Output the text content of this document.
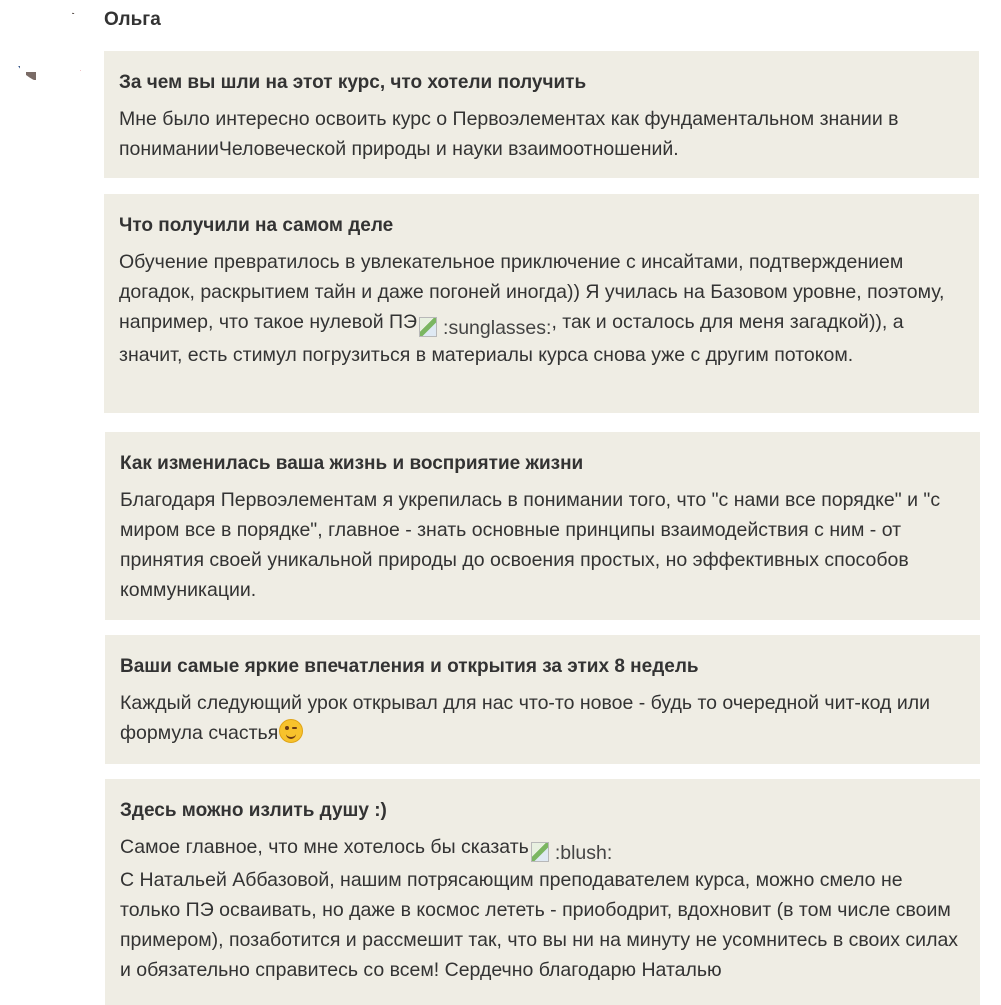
Ольга
За чем вы шли на этот курс, что хотели получить

Мне было интересно освоить курс о Первоэлементах как фундаментальном знании в пониманииЧеловеческой природы и науки взаимоотношений.

Что получили на самом деле

Обучение превратилось в увлекательное приключение с инсайтами, подтверждением догадок, раскрытием тайн и даже погоней иногда)) Я училась на Базовом уровне, поэтому, например, что такое нулевой ПЭ :sunglasses:, так и осталось для меня загадкой)), а значит, есть стимул погрузиться в материалы курса снова уже с другим потоком.

Как изменилась ваша жизнь и восприятие жизни

Благодаря Первоэлементам я укрепилась в понимании того, что "с нами все порядке" и "с миром все в порядке", главное - знать основные принципы взаимодействия с ним - от принятия своей уникальной природы до освоения простых, но эффективных способов коммуникации.

Ваши самые яркие впечатления и открытия за этих 8 недель

Каждый следующий урок открывал для нас что-то новое - будь то очередной чит-код или формула счастья

Здесь можно излить душу :)

Самое главное, что мне хотелось бы сказать :blush:

С Натальей Аббазовой, нашим потрясающим преподавателем курса, можно смело не только ПЭ осваивать, но даже в космос лететь - приободрит, вдохновит (в том числе своим примером), позаботится и рассмешит так, что вы ни на минуту не усомнитесь в своих силах и обязательно справитесь со всем! Сердечно благодарю Наталью
